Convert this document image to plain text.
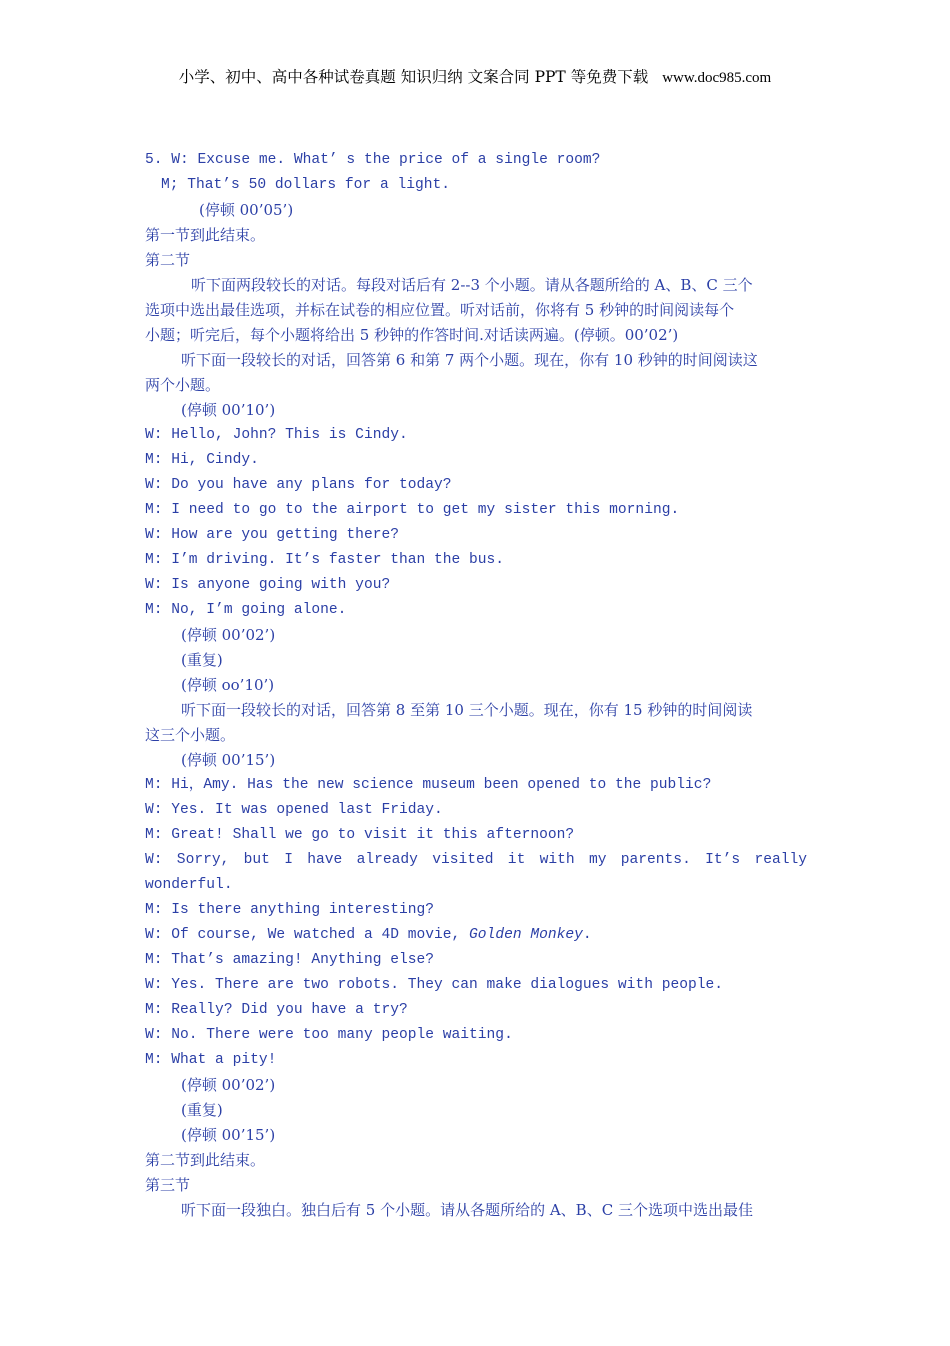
小学、初中、高中各种试卷真题 知识归纳 文案合同 PPT 等免费下载 www.doc985.com
5. W: Excuse me. What’ s the price of a single room?
M; That’s 50 dollars for a light.
(停顿 00’05’)
第一节到此结束。
第二节
听下面两段较长的对话。每段对话后有 2--3 个小题。请从各题所给的 A、B、C 三个
选项中选出最佳选项，并标在试卷的相应位置。听对话前，你将有 5 秒钟的时间阅读每个
小题；听完后，每个小题将给出 5 秒钟的作答时间.对话读两遍。(停顿。00’02’)
听下面一段较长的对话，回答第 6 和第 7 两个小题。现在，你有 10 秒钟的时间阅读这
两个小题。
(停顿 00’10’)
W: Hello, John? This is Cindy.
M: Hi, Cindy.
W: Do you have any plans for today?
M: I need to go to the airport to get my sister this morning.
W: How are you getting there?
M: I’m driving. It’s faster than the bus.
W: Is anyone going with you?
M: No, I’m going alone.
(停顿 00’02’)
(重复)
(停顿 oo’10’)
听下面一段较长的对话，回答第 8 至第 10 三个小题。现在，你有 15 秒钟的时间阅读
这三个小题。
(停顿 00’15’)
M: Hi，Amy. Has the new science museum been opened to the public?
W: Yes. It was opened last Friday.
M: Great! Shall we go to visit it this afternoon?
W: Sorry, but I have already visited it with my parents. It’s really
wonderful.
M: Is there anything interesting?
W: Of course, We watched a 4D movie, Golden Monkey.
M: That’s amazing! Anything else?
W: Yes. There are two robots. They can make dialogues with people.
M: Really? Did you have a try?
W: No. There were too many people waiting.
M: What a pity!
(停顿 00’02’)
(重复)
(停顿 00’15’)
第二节到此结束。
第三节
听下面一段独白。独白后有 5 个小题。请从各题所给的 A、B、C 三个选项中选出最佳
